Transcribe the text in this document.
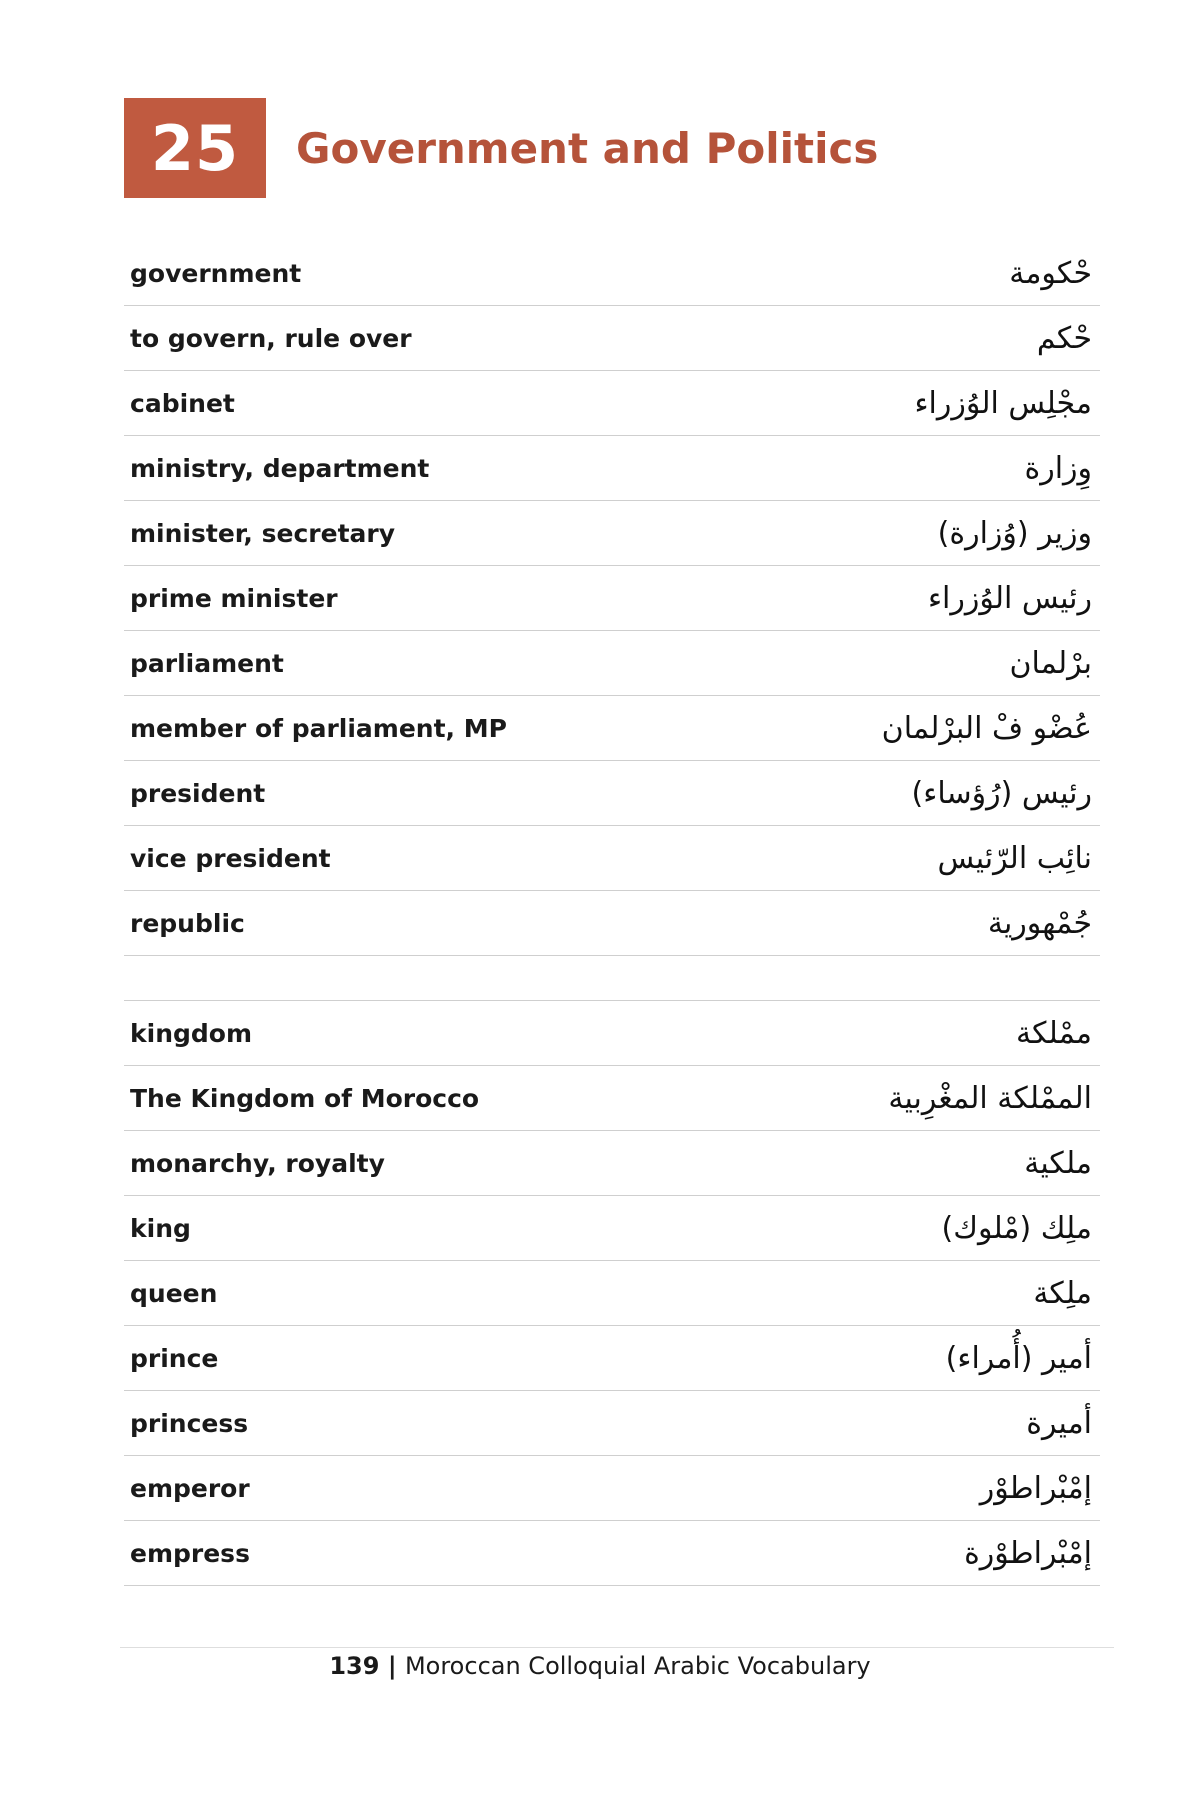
25	Government and Politics
government	حْكومة
to govern, rule over	حْكم
cabinet	مجْلِس الوُزراء
ministry, department	وِزارة
minister, secretary	وزير (وُزارة)
prime minister	رئيس الوُزراء
parliament	برْلمان
member of parliament, MP	عُضْو فْ البرْلمان
president	رئيس (رُؤساء)
vice president	نائِب الرّئيس
republic	جُمْهورية
kingdom	ممْلكة
The Kingdom of Morocco	الممْلكة المغْرِبية
monarchy, royalty	ملكية
king	ملِك (مْلوك)
queen	ملِكة
prince	أمير (أُمراء)
princess	أميرة
emperor	إمْبْراطوْر
empress	إمْبْراطوْرة
139 | Moroccan Colloquial Arabic Vocabulary
